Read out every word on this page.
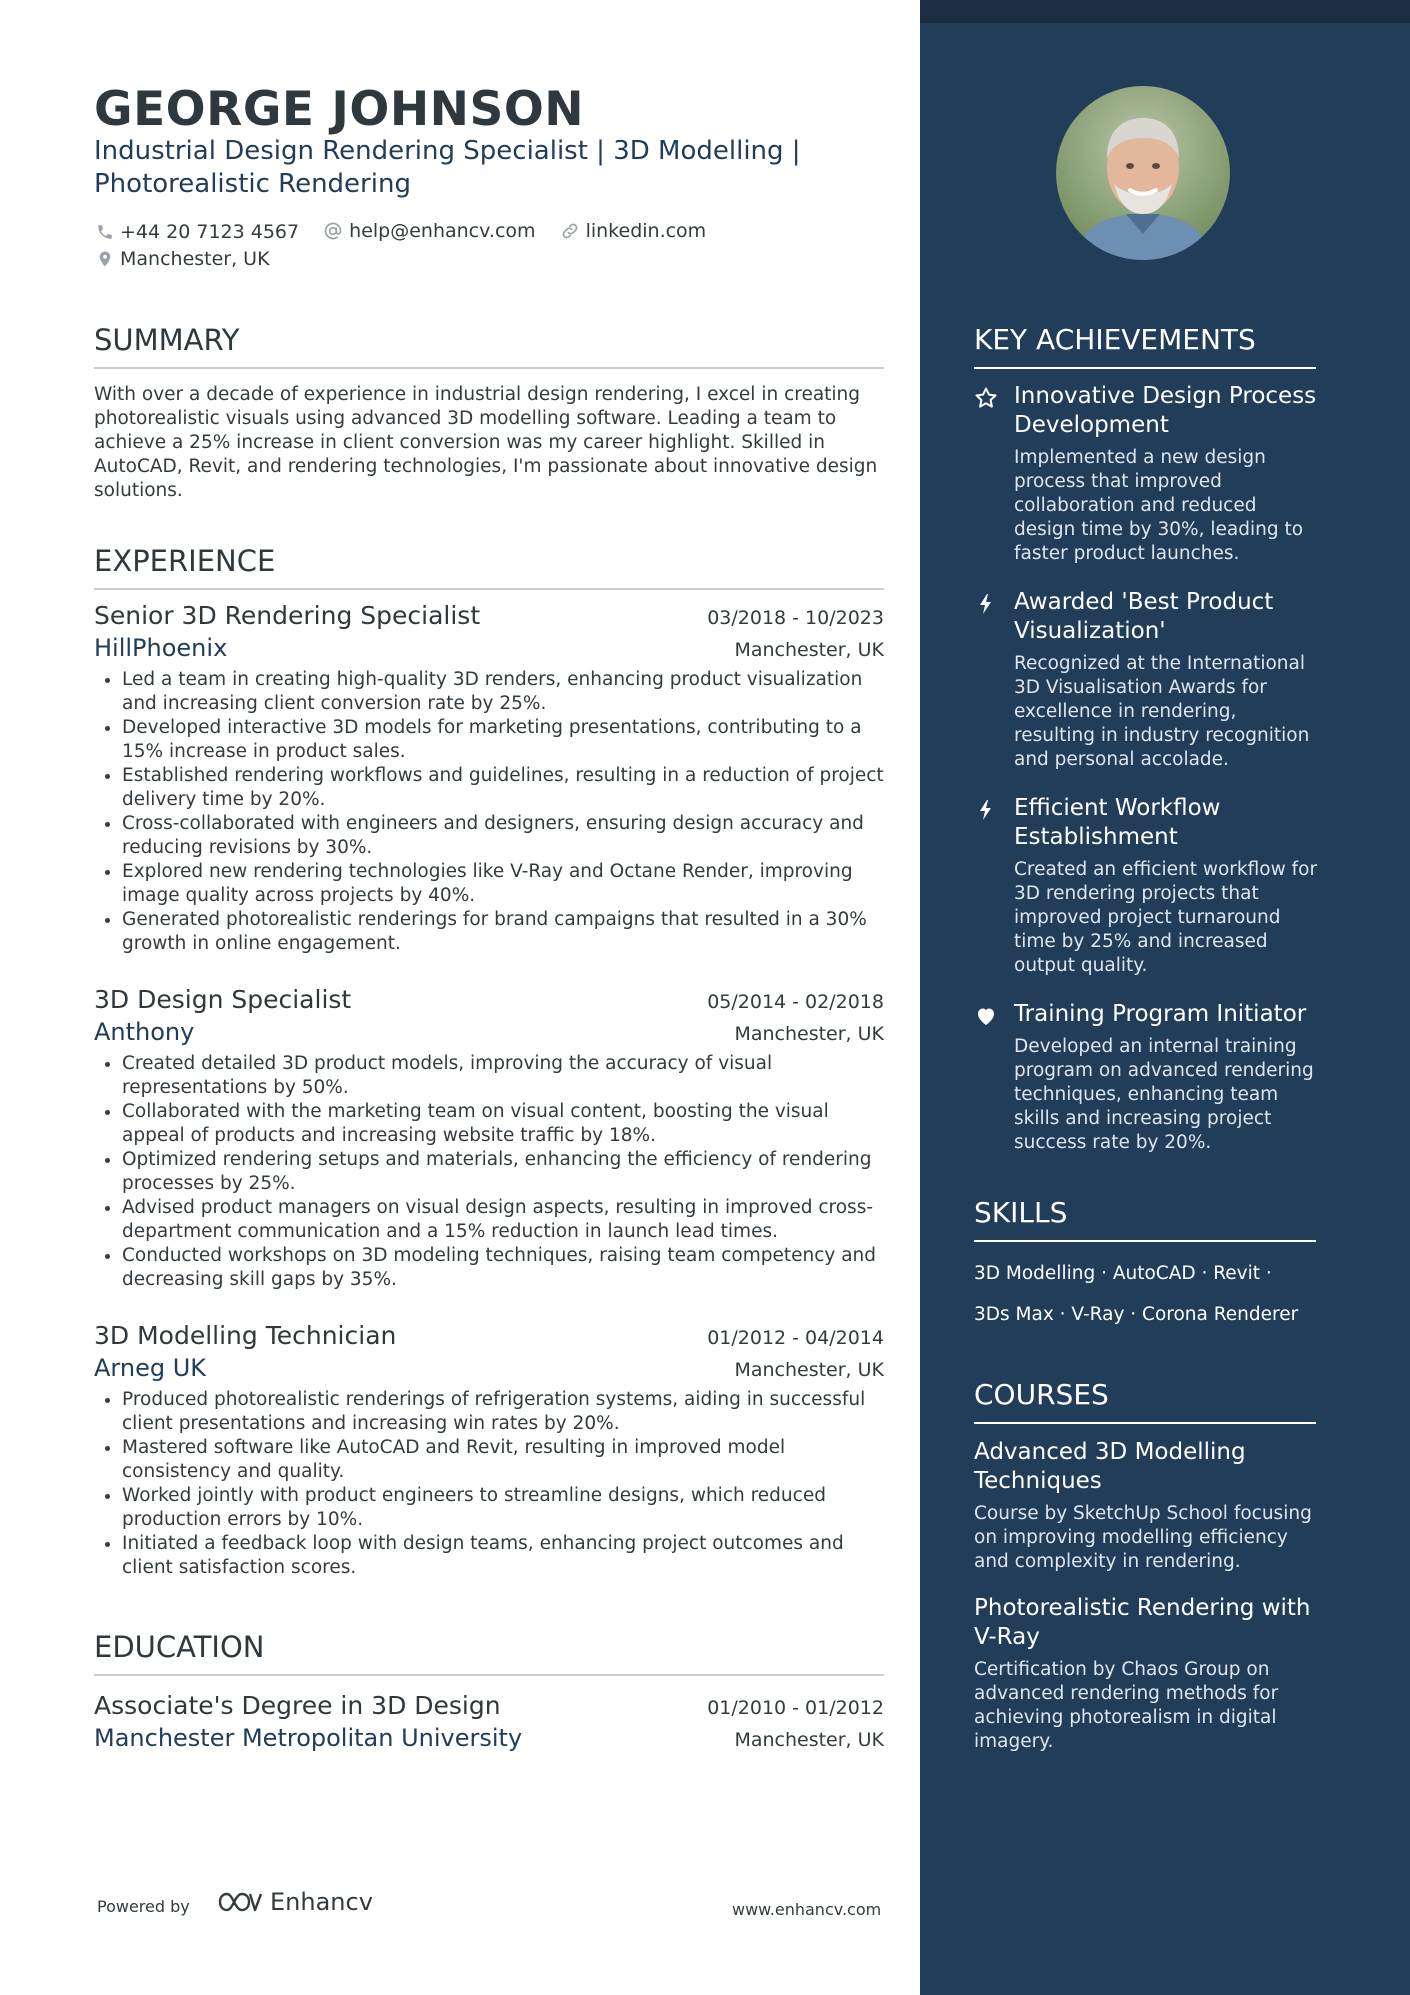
GEORGE JOHNSON

Industrial Design Rendering Specialist | 3D Modelling | Photorealistic Rendering

+44 20 7123 4567
	help@enhancv.com
	linkedin.com

Manchester, UK
SUMMARY

With over a decade of experience in industrial design rendering, I excel in creating photorealistic visuals using advanced 3D modelling software. Leading a team to achieve a 25% increase in client conversion was my career highlight. Skilled in AutoCAD, Revit, and rendering technologies, I'm passionate about innovative design solutions.

EXPERIENCE
Senior 3D Rendering Specialist	03/2018 - 10/2023
HillPhoenix	Manchester, UK
• Led a team in creating high-quality 3D renders, enhancing product visualization and increasing client conversion rate by 25%.
• Developed interactive 3D models for marketing presentations, contributing to a 15% increase in product sales.
• Established rendering workflows and guidelines, resulting in a reduction of project delivery time by 20%.
• Cross-collaborated with engineers and designers, ensuring design accuracy and reducing revisions by 30%.
• Explored new rendering technologies like V-Ray and Octane Render, improving image quality across projects by 40%.
• Generated photorealistic renderings for brand campaigns that resulted in a 30% growth in online engagement.
3D Design Specialist	05/2014 - 02/2018
Anthony	Manchester, UK
• Created detailed 3D product models, improving the accuracy of visual representations by 50%.
• Collaborated with the marketing team on visual content, boosting the visual appeal of products and increasing website traffic by 18%.
• Optimized rendering setups and materials, enhancing the efficiency of rendering processes by 25%.
• Advised product managers on visual design aspects, resulting in improved cross-department communication and a 15% reduction in launch lead times.
• Conducted workshops on 3D modeling techniques, raising team competency and decreasing skill gaps by 35%.
3D Modelling Technician	01/2012 - 04/2014
Arneg UK	Manchester, UK
• Produced photorealistic renderings of refrigeration systems, aiding in successful client presentations and increasing win rates by 20%.
• Mastered software like AutoCAD and Revit, resulting in improved model consistency and quality.
• Worked jointly with product engineers to streamline designs, which reduced production errors by 10%.
• Initiated a feedback loop with design teams, enhancing project outcomes and client satisfaction scores.
EDUCATION
Associate's Degree in 3D Design	01/2010 - 01/2012
Manchester Metropolitan University	Manchester, UK
Powered by	Enhancv	www.enhancv.com
KEY ACHIEVEMENTS
Innovative Design Process Development
Implemented a new design process that improved collaboration and reduced design time by 30%, leading to faster product launches.
Awarded 'Best Product Visualization'
Recognized at the International 3D Visualisation Awards for excellence in rendering, resulting in industry recognition and personal accolade.
Efficient Workflow Establishment
Created an efficient workflow for 3D rendering projects that improved project turnaround time by 25% and increased output quality.
Training Program Initiator
Developed an internal training program on advanced rendering techniques, enhancing team skills and increasing project success rate by 20%.
SKILLS
3D Modelling · AutoCAD · Revit ·
3Ds Max · V-Ray · Corona Renderer
COURSES
Advanced 3D Modelling Techniques
Course by SketchUp School focusing on improving modelling efficiency and complexity in rendering.
Photorealistic Rendering with V-Ray
Certification by Chaos Group on advanced rendering methods for achieving photorealism in digital imagery.
